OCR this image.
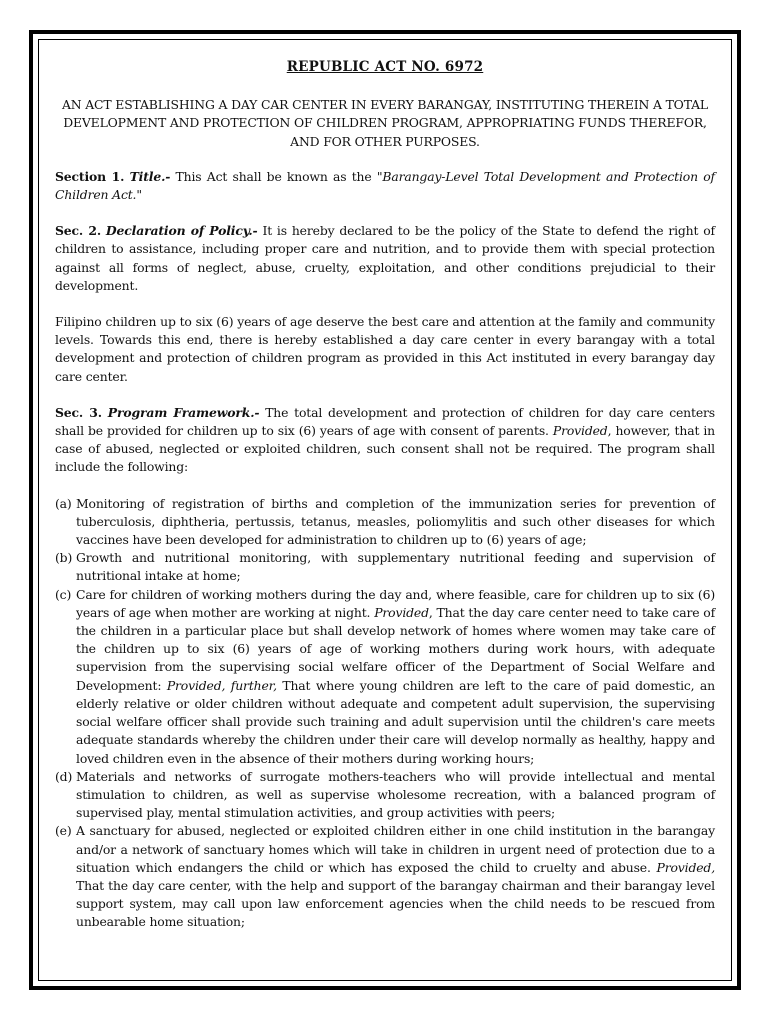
REPUBLIC ACT NO. 6972
AN ACT ESTABLISHING A DAY CAR CENTER IN EVERY BARANGAY, INSTITUTING THEREIN A TOTAL DEVELOPMENT AND PROTECTION OF CHILDREN PROGRAM, APPROPRIATING FUNDS THEREFOR, AND FOR OTHER PURPOSES.

Section 1. Title.- This Act shall be known as the "Barangay-Level Total Development and Protection of Children Act."

Sec. 2. Declaration of Policy.- It is hereby declared to be the policy of the State to defend the right of children to assistance, including proper care and nutrition, and to provide them with special protection against all forms of neglect, abuse, cruelty, exploitation, and other conditions prejudicial to their development.

Filipino children up to six (6) years of age deserve the best care and attention at the family and community levels. Towards this end, there is hereby established a day care center in every barangay with a total development and protection of children program as provided in this Act instituted in every barangay day care center.

Sec. 3. Program Framework.- The total development and protection of children for day care centers shall be provided for children up to six (6) years of age with consent of parents. Provided, however, that in case of abused, neglected or exploited children, such consent shall not be required. The program shall include the following:

(a) Monitoring of registration of births and completion of the immunization series for prevention of tuberculosis, diphtheria, pertussis, tetanus, measles, poliomylitis and such other diseases for which vaccines have been developed for administration to children up to (6) years of age;
(b) Growth and nutritional monitoring, with supplementary nutritional feeding and supervision of nutritional intake at home;
(c) Care for children of working mothers during the day and, where feasible, care for children up to six (6) years of age when mother are working at night. Provided, That the day care center need to take care of the children in a particular place but shall develop network of homes where women may take care of the children up to six (6) years of age of working mothers during work hours, with adequate supervision from the supervising social welfare officer of the Department of Social Welfare and Development: Provided, further, That where young children are left to the care of paid domestic, an elderly relative or older children without adequate and competent adult supervision, the supervising social welfare officer shall provide such training and adult supervision until the children's care meets adequate standards whereby the children under their care will develop normally as healthy, happy and loved children even in the absence of their mothers during working hours;
(d) Materials and networks of surrogate mothers-teachers who will provide intellectual and mental stimulation to children, as well as supervise wholesome recreation, with a balanced program of supervised play, mental stimulation activities, and group activities with peers;
(e) A sanctuary for abused, neglected or exploited children either in one child institution in the barangay and/or a network of sanctuary homes which will take in children in urgent need of protection due to a situation which endangers the child or which has exposed the child to cruelty and abuse. Provided, That the day care center, with the help and support of the barangay chairman and their barangay level support system, may call upon law enforcement agencies when the child needs to be rescued from unbearable home situation;
